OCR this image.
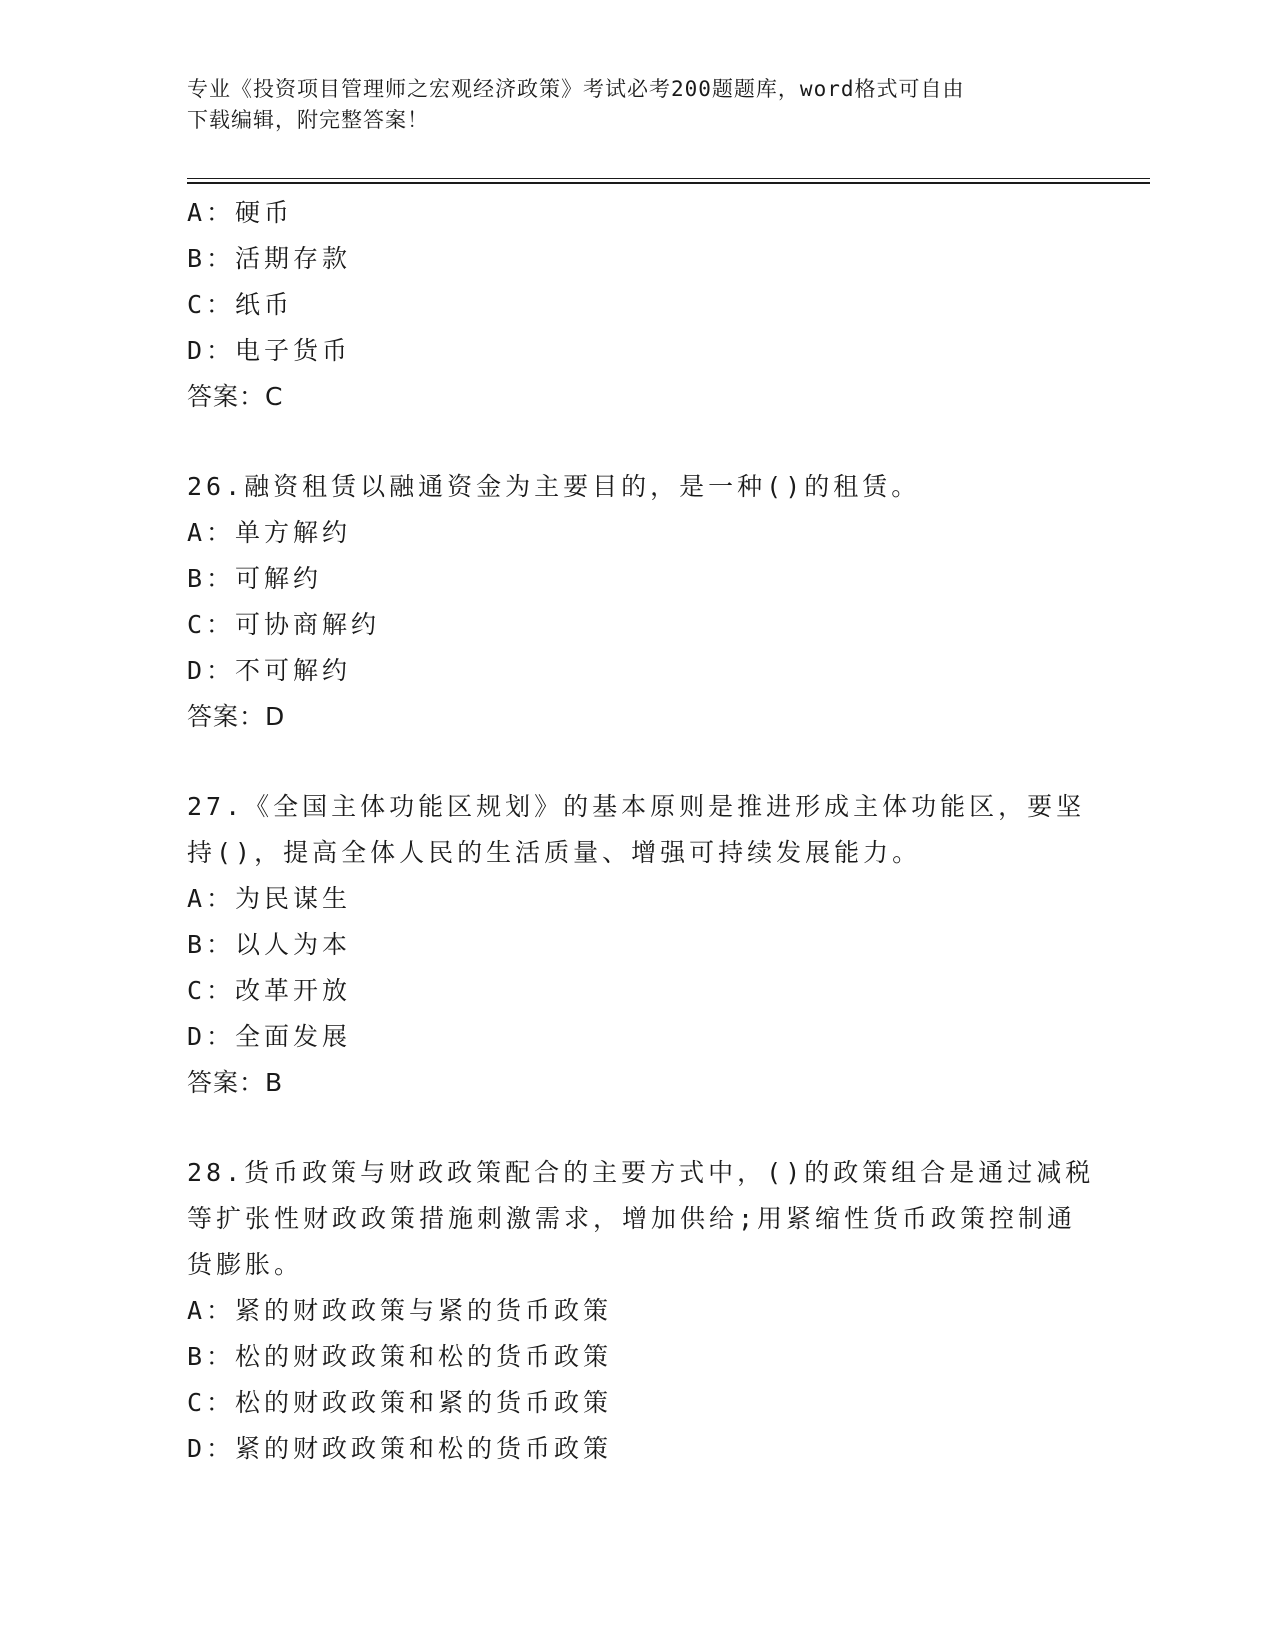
专业《投资项目管理师之宏观经济政策》考试必考200题题库，word格式可自由
下载编辑，附完整答案！
A：硬币
B：活期存款
C：纸币
D：电子货币
答案：C
26.融资租赁以融通资金为主要目的，是一种()的租赁。
A：单方解约
B：可解约
C：可协商解约
D：不可解约
答案：D
27.《全国主体功能区规划》的基本原则是推进形成主体功能区，要坚
持()，提高全体人民的生活质量、增强可持续发展能力。
A：为民谋生
B：以人为本
C：改革开放
D：全面发展
答案：B
28.货币政策与财政政策配合的主要方式中，()的政策组合是通过减税
等扩张性财政政策措施刺激需求，增加供给;用紧缩性货币政策控制通
货膨胀。
A：紧的财政政策与紧的货币政策
B：松的财政政策和松的货币政策
C：松的财政政策和紧的货币政策
D：紧的财政政策和松的货币政策
